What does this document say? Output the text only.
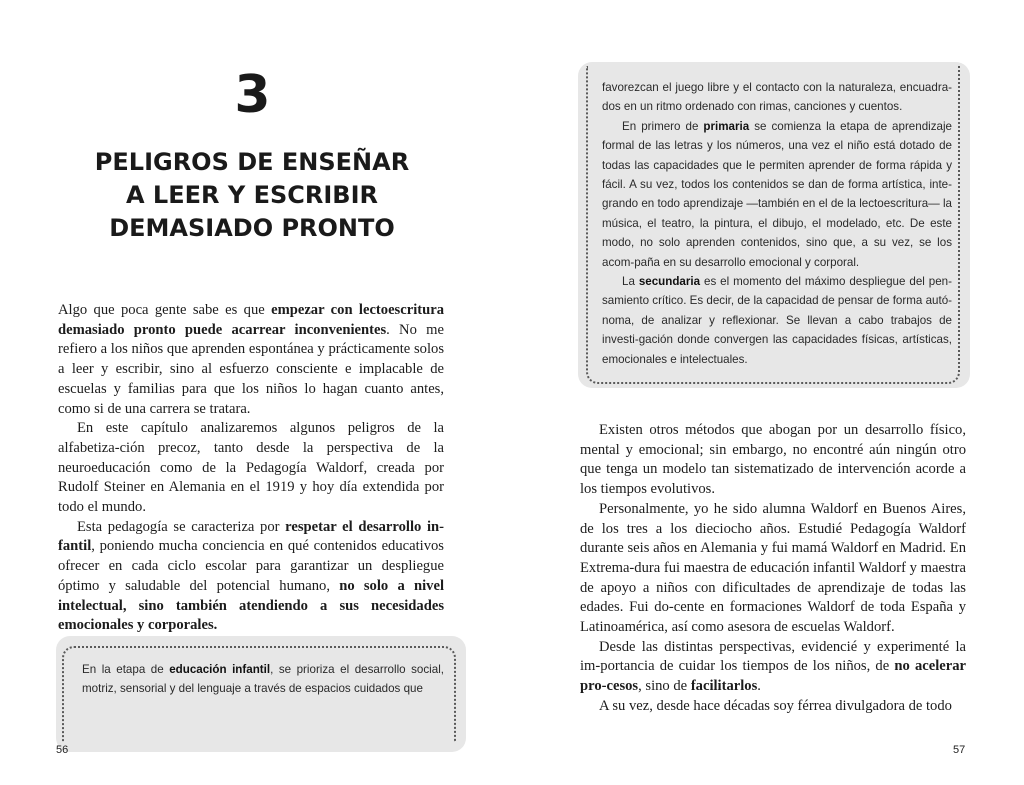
3
PELIGROS DE ENSEÑAR
A LEER Y ESCRIBIR
DEMASIADO PRONTO

Algo que poca gente sabe es que empezar con lectoescritura demasiado pronto puede acarrear inconvenientes. No me refiero a los niños que aprenden espontánea y prácticamente solos a leer y escribir, sino al esfuerzo consciente e implacable de escuelas y familias para que los niños lo hagan cuanto antes, como si de una carrera se tratara.

En este capítulo analizaremos algunos peligros de la alfabetiza-ción precoz, tanto desde la perspectiva de la neuroeducación como de la Pedagogía Waldorf, creada por Rudolf Steiner en Alemania en el 1919 y hoy día extendida por todo el mundo.

Esta pedagogía se caracteriza por respetar el desarrollo in-fantil, poniendo mucha conciencia en qué contenidos educativos ofrecer en cada ciclo escolar para garantizar un despliegue óptimo y saludable del potencial humano, no solo a nivel intelectual, sino también atendiendo a sus necesidades emocionales y corporales.

En la etapa de educación infantil, se prioriza el desarrollo social, motriz, sensorial y del lenguaje a través de espacios cuidados que

56

favorezcan el juego libre y el contacto con la naturaleza, encuadra-dos en un ritmo ordenado con rimas, canciones y cuentos.

En primero de primaria se comienza la etapa de aprendizaje formal de las letras y los números, una vez el niño está dotado de todas las capacidades que le permiten aprender de forma rápida y fácil. A su vez, todos los contenidos se dan de forma artística, inte-grando en todo aprendizaje —también en el de la lectoescritura— la música, el teatro, la pintura, el dibujo, el modelado, etc. De este modo, no solo aprenden contenidos, sino que, a su vez, se los acom-paña en su desarrollo emocional y corporal.

La secundaria es el momento del máximo despliegue del pen-samiento crítico. Es decir, de la capacidad de pensar de forma autó-noma, de analizar y reflexionar. Se llevan a cabo trabajos de investi-gación donde convergen las capacidades físicas, artísticas, emocionales e intelectuales.

Existen otros métodos que abogan por un desarrollo físico, mental y emocional; sin embargo, no encontré aún ningún otro que tenga un modelo tan sistematizado de intervención acorde a los tiempos evolutivos.

Personalmente, yo he sido alumna Waldorf en Buenos Aires, de los tres a los dieciocho años. Estudié Pedagogía Waldorf durante seis años en Alemania y fui mamá Waldorf en Madrid. En Extrema-dura fui maestra de educación infantil Waldorf y maestra de apoyo a niños con dificultades de aprendizaje de todas las edades. Fui do-cente en formaciones Waldorf de toda España y Latinoamérica, así como asesora de escuelas Waldorf.

Desde las distintas perspectivas, evidencié y experimenté la im-portancia de cuidar los tiempos de los niños, de no acelerar pro-cesos, sino de facilitarlos.

A su vez, desde hace décadas soy férrea divulgadora de todo

57
